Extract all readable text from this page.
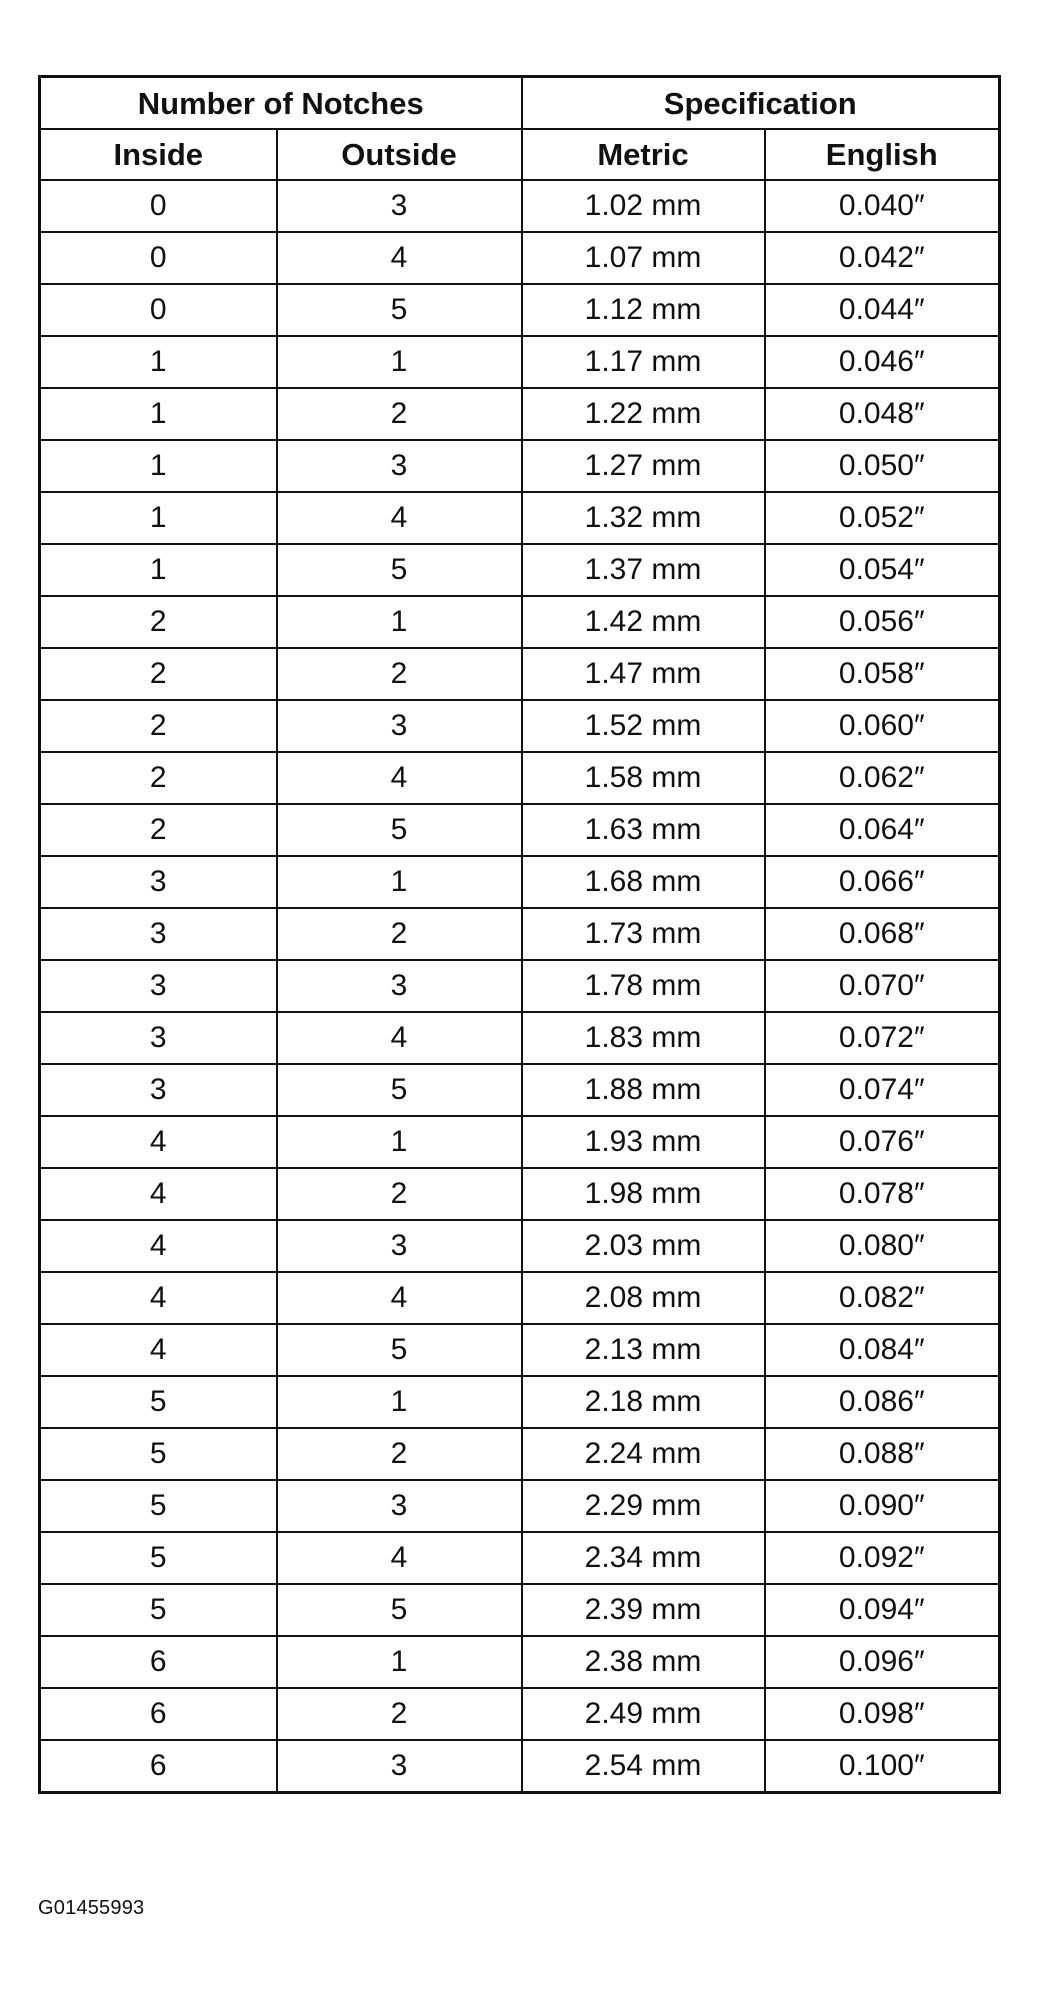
Number of Notches		Specification	
Inside	Outside	Metric	English
0	3	1.02 mm	0.040″
0	4	1.07 mm	0.042″
0	5	1.12 mm	0.044″
1	1	1.17 mm	0.046″
1	2	1.22 mm	0.048″
1	3	1.27 mm	0.050″
1	4	1.32 mm	0.052″
1	5	1.37 mm	0.054″
2	1	1.42 mm	0.056″
2	2	1.47 mm	0.058″
2	3	1.52 mm	0.060″
2	4	1.58 mm	0.062″
2	5	1.63 mm	0.064″
3	1	1.68 mm	0.066″
3	2	1.73 mm	0.068″
3	3	1.78 mm	0.070″
3	4	1.83 mm	0.072″
3	5	1.88 mm	0.074″
4	1	1.93 mm	0.076″
4	2	1.98 mm	0.078″
4	3	2.03 mm	0.080″
4	4	2.08 mm	0.082″
4	5	2.13 mm	0.084″
5	1	2.18 mm	0.086″
5	2	2.24 mm	0.088″
5	3	2.29 mm	0.090″
5	4	2.34 mm	0.092″
5	5	2.39 mm	0.094″
6	1	2.38 mm	0.096″
6	2	2.49 mm	0.098″
6	3	2.54 mm	0.100″
G01455993
